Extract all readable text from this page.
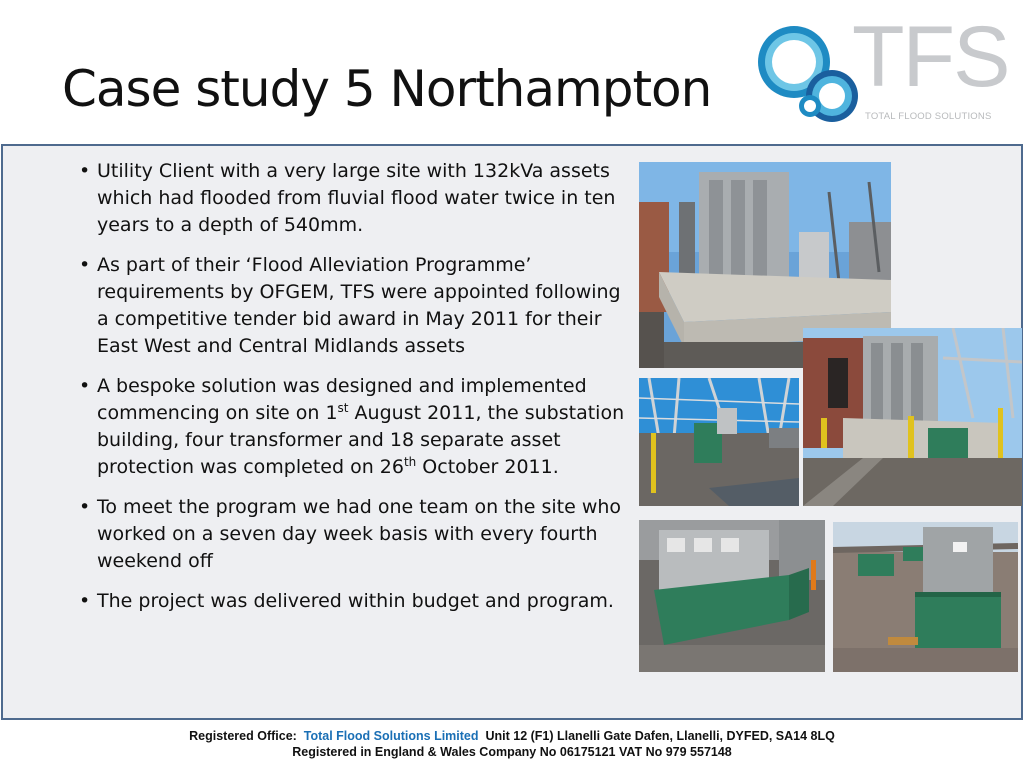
Case study 5 Northampton TFS
TOTAL FLOOD SOLUTIONS
• Utility Client with a very large site with 132kVa assets which had flooded from fluvial flood water twice in ten years to a depth of 540mm.
• As part of their ‘Flood Alleviation Programme’ requirements by OFGEM, TFS were appointed following a competitive tender bid award in May 2011 for their East West and Central Midlands assets
• A bespoke solution was designed and implemented commencing on site on 1st August 2011, the substation building, four transformer and 18 separate asset protection was completed on 26th October 2011.
• To meet the program we had one team on the site who worked on a seven day week basis with every fourth weekend off
• The project was delivered within budget and program.
Registered Office: Total Flood Solutions Limited Unit 12 (F1) Llanelli Gate Dafen, Llanelli, DYFED, SA14 8LQ
Registered in England & Wales Company No 06175121 VAT No 979 557148
